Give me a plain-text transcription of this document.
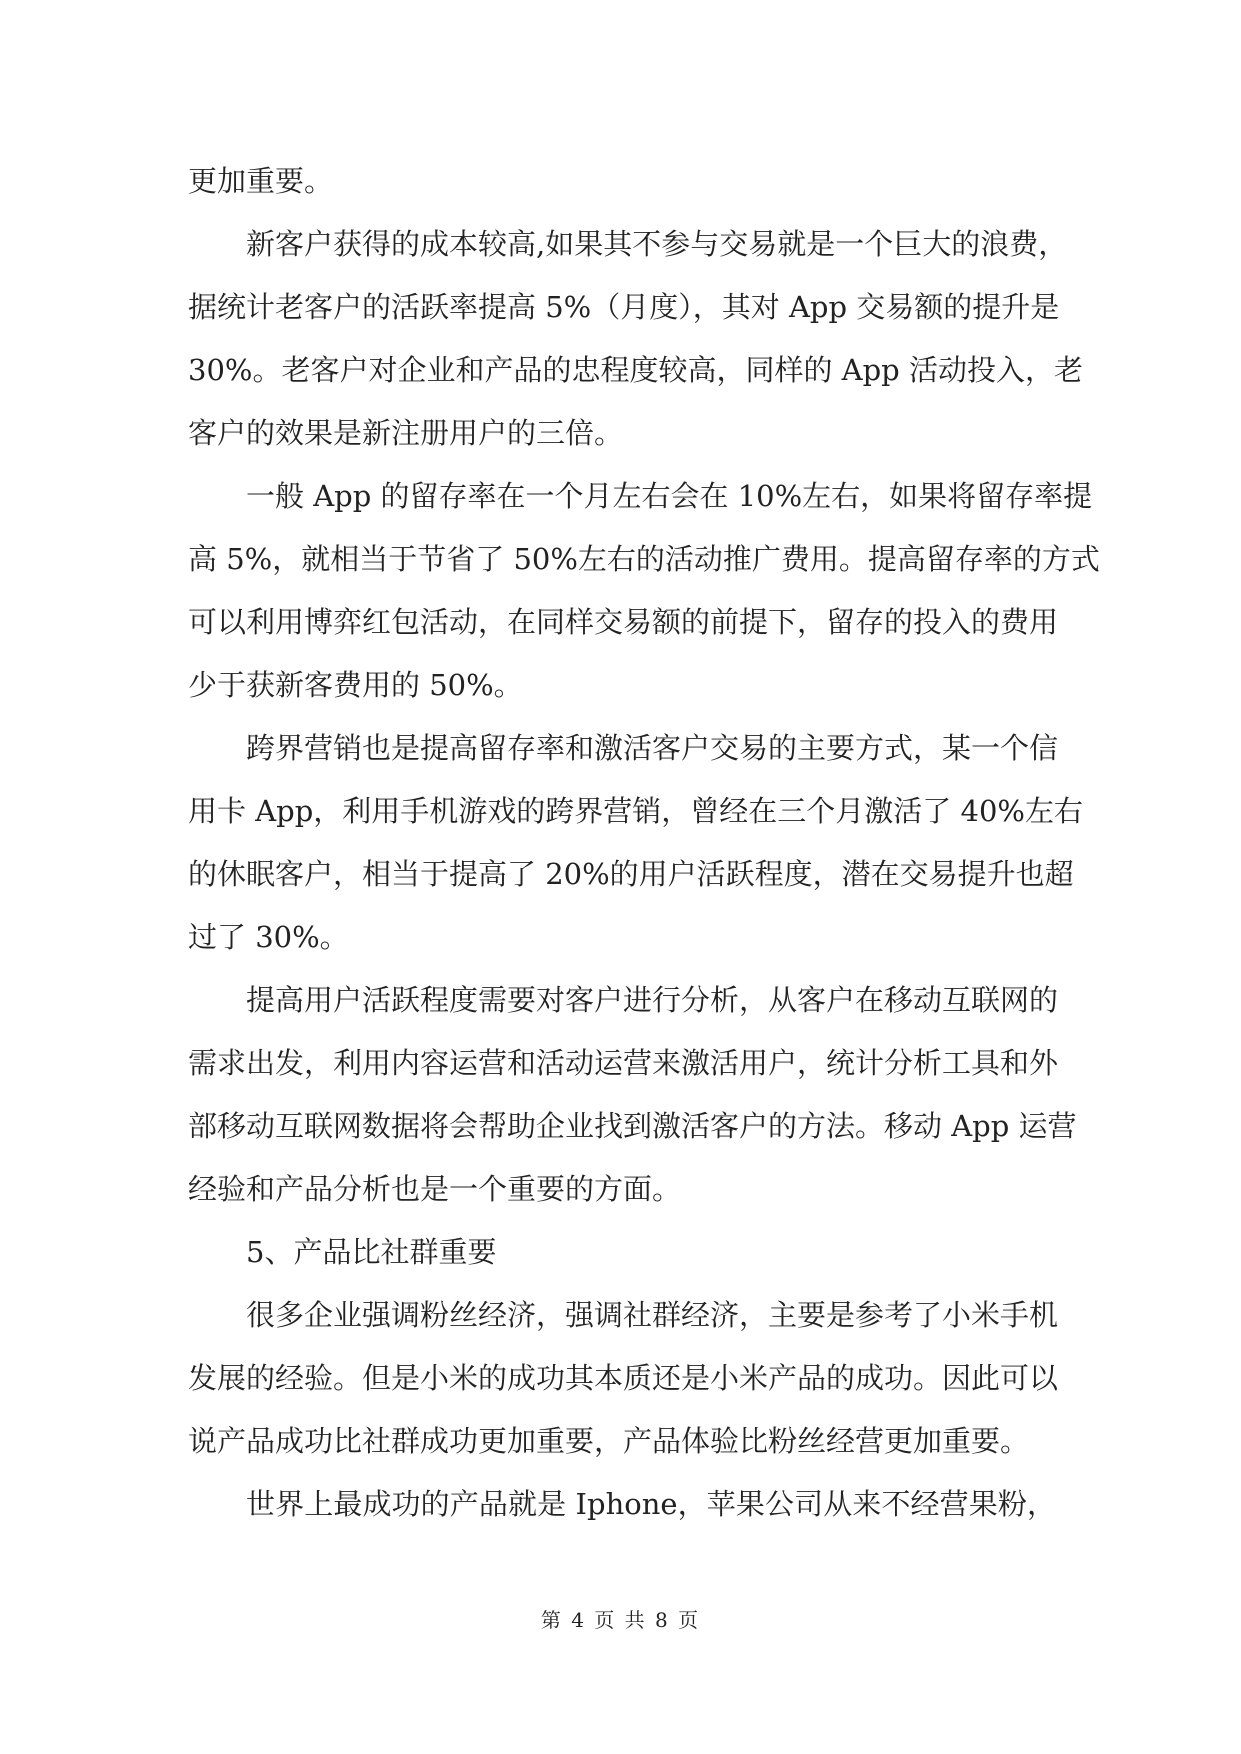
更加重要。
新客户获得的成本较高,如果其不参与交易就是一个巨大的浪费，
据统计老客户的活跃率提高 5%（月度），其对 App 交易额的提升是
30%。老客户对企业和产品的忠程度较高，同样的 App 活动投入，老
客户的效果是新注册用户的三倍。
一般 App 的留存率在一个月左右会在 10%左右，如果将留存率提
高 5%，就相当于节省了 50%左右的活动推广费用。提高留存率的方式
可以利用博弈红包活动，在同样交易额的前提下，留存的投入的费用
少于获新客费用的 50%。
跨界营销也是提高留存率和激活客户交易的主要方式，某一个信
用卡 App，利用手机游戏的跨界营销，曾经在三个月激活了 40%左右
的休眠客户，相当于提高了 20%的用户活跃程度，潜在交易提升也超
过了 30%。
提高用户活跃程度需要对客户进行分析，从客户在移动互联网的
需求出发，利用内容运营和活动运营来激活用户，统计分析工具和外
部移动互联网数据将会帮助企业找到激活客户的方法。移动 App 运营
经验和产品分析也是一个重要的方面。
5、产品比社群重要
很多企业强调粉丝经济，强调社群经济，主要是参考了小米手机
发展的经验。但是小米的成功其本质还是小米产品的成功。因此可以
说产品成功比社群成功更加重要，产品体验比粉丝经营更加重要。
世界上最成功的产品就是 Iphone，苹果公司从来不经营果粉，
第 4 页 共 8 页
